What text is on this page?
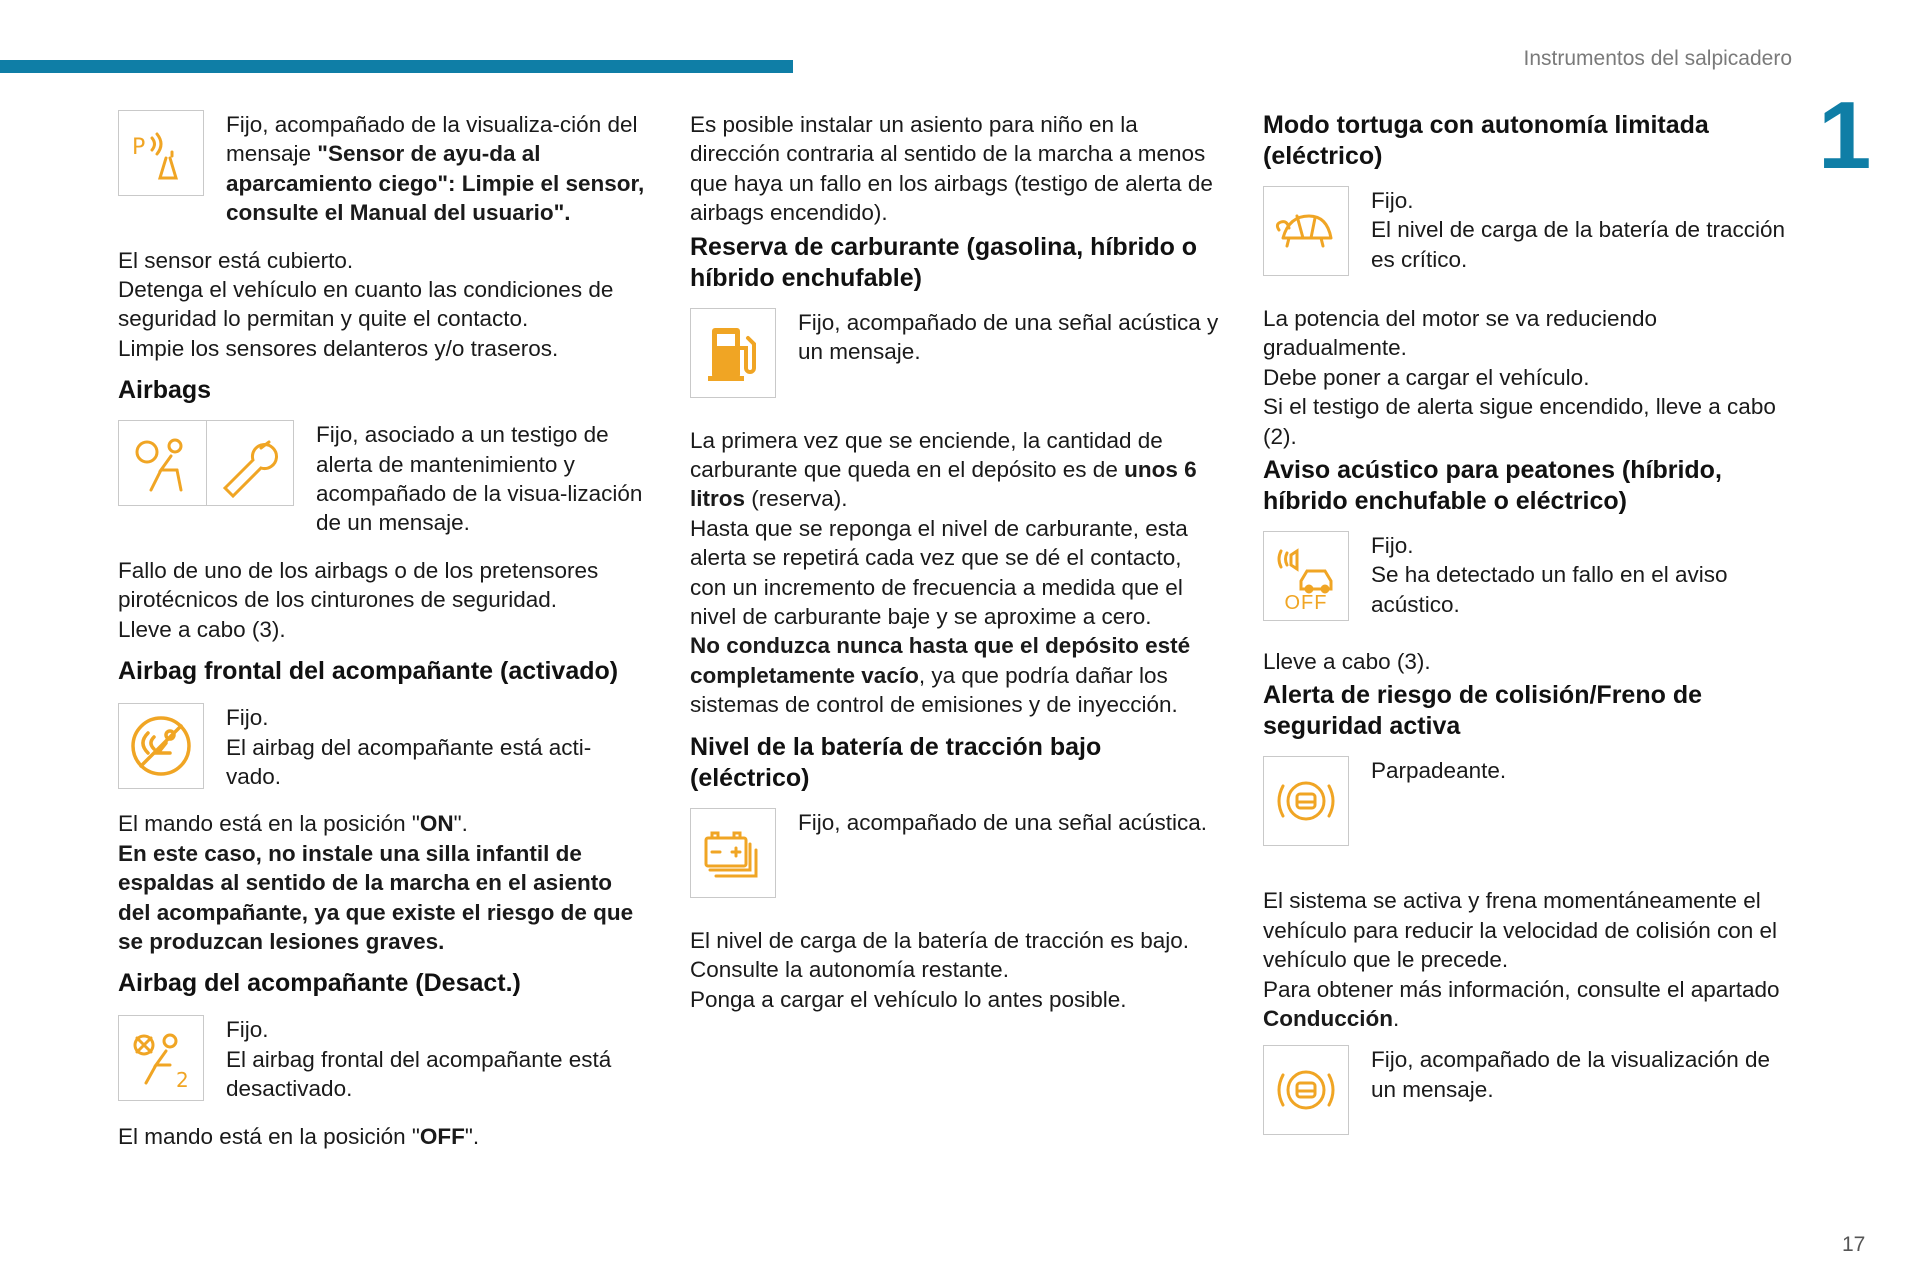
Instrumentos del salpicadero
1
17
P

Fijo, acompañado de la visualiza-ción del mensaje "Sensor de ayu-da al aparcamiento ciego": Limpie el sensor, consulte el Manual del usuario".

El sensor está cubierto.

Detenga el vehículo en cuanto las condiciones de seguridad lo permitan y quite el contacto.

Limpie los sensores delanteros y/o traseros.

Airbags

Fijo, asociado a un testigo de alerta de mantenimiento y acompañado de la visua-lización de un mensaje.

Fallo de uno de los airbags o de los pretensores pirotécnicos de los cinturones de seguridad.

Lleve a cabo (3).

Airbag frontal del acompañante (activado)

Fijo.

El airbag del acompañante está acti-vado.

El mando está en la posición "ON".

En este caso, no instale una silla infantil de espaldas al sentido de la marcha en el asiento del acompañante, ya que existe el riesgo de que se produzcan lesiones graves.

Airbag del acompañante (Desact.)
2

Fijo.

El airbag frontal del acompañante está desactivado.

El mando está en la posición "OFF".

Es posible instalar un asiento para niño en la dirección contraria al sentido de la marcha a menos que haya un fallo en los airbags (testigo de alerta de airbags encendido).

Reserva de carburante (gasolina, híbrido o híbrido enchufable)

Fijo, acompañado de una señal acústica y un mensaje.

La primera vez que se enciende, la cantidad de carburante que queda en el depósito es de unos 6 litros (reserva).

Hasta que se reponga el nivel de carburante, esta alerta se repetirá cada vez que se dé el contacto, con un incremento de frecuencia a medida que el nivel de carburante baje y se aproxime a cero.

No conduzca nunca hasta que el depósito esté completamente vacío, ya que podría dañar los sistemas de control de emisiones y de inyección.

Nivel de la batería de tracción bajo (eléctrico)

Fijo, acompañado de una señal acústica.

El nivel de carga de la batería de tracción es bajo.

Consulte la autonomía restante.

Ponga a cargar el vehículo lo antes posible.

Modo tortuga con autonomía limitada (eléctrico)

Fijo.

El nivel de carga de la batería de tracción es crítico.

La potencia del motor se va reduciendo gradualmente.

Debe poner a cargar el vehículo.

Si el testigo de alerta sigue encendido, lleve a cabo (2).

Aviso acústico para peatones (híbrido, híbrido enchufable o eléctrico)
OFF

Fijo.

Se ha detectado un fallo en el aviso acústico.

Lleve a cabo (3).

Alerta de riesgo de colisión/Freno de seguridad activa

Parpadeante.

El sistema se activa y frena momentáneamente el vehículo para reducir la velocidad de colisión con el vehículo que le precede.

Para obtener más información, consulte el apartado Conducción.

Fijo, acompañado de la visualización de un mensaje.
